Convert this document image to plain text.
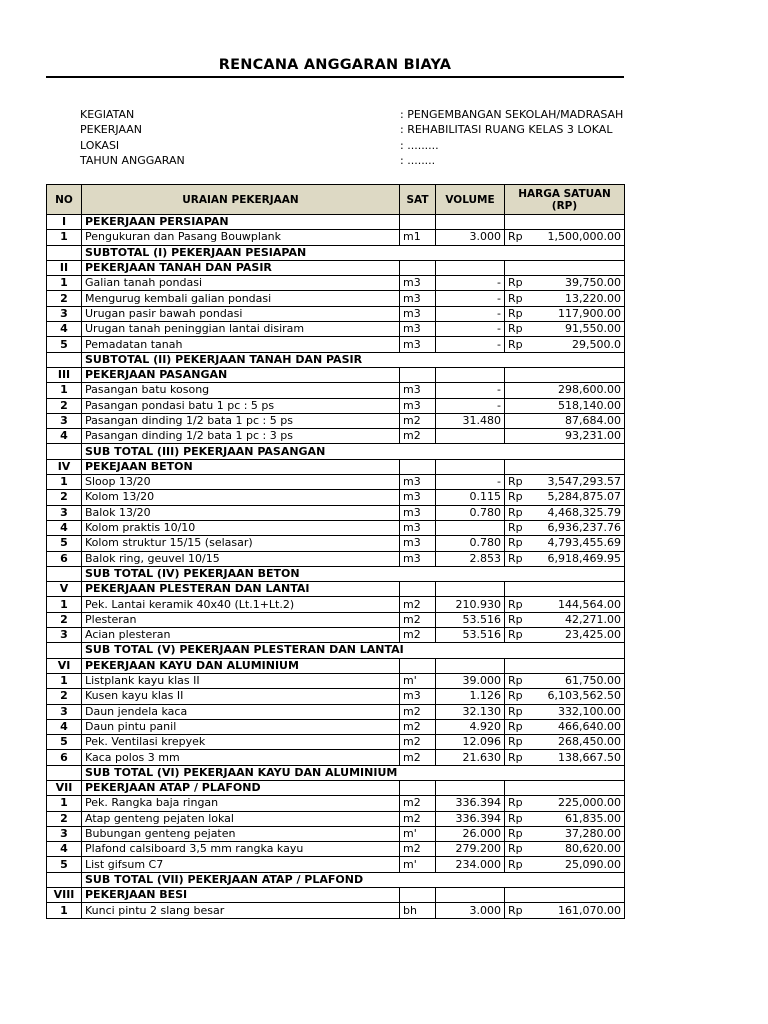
RENCANA ANGGARAN BIAYA
KEGIATAN	: PENGEMBANGAN SEKOLAH/MADRASAH
PEKERJAAN	: REHABILITASI RUANG KELAS 3 LOKAL
LOKASI	: .........
TAHUN ANGGARAN	: ........
NO	URAIAN PEKERJAAN	SAT	VOLUME	HARGA SATUAN
(RP)	

I	PEKERJAAN PERSIAPAN				
1	Pengukuran dan Pasang Bouwplank	m1	3.000	Rp	1,500,000.00
	SUBTOTAL (I) PEKERJAAN PESIAPAN				
II	PEKERJAAN TANAH DAN PASIR				
1	Galian tanah pondasi	m3	-	Rp	39,750.00
2	Mengurug kembali galian pondasi	m3	-	Rp	13,220.00
3	Urugan pasir bawah pondasi	m3	-	Rp	117,900.00
4	Urugan tanah peninggian lantai disiram	m3	-	Rp	91,550.00
5	Pemadatan tanah	m3	-	Rp	29,500.0
	SUBTOTAL (II) PEKERJAAN TANAH DAN PASIR				
III	PEKERJAAN PASANGAN				
1	Pasangan batu kosong	m3	-		298,600.00
2	Pasangan pondasi batu 1 pc : 5 ps	m3	-		518,140.00
3	Pasangan dinding 1/2 bata 1 pc : 5 ps	m2	31.480		87,684.00
4	Pasangan dinding 1/2 bata 1 pc : 3 ps	m2			93,231.00
	SUB TOTAL (III) PEKERJAAN PASANGAN				
IV	PEKEJAAN BETON				
1	Sloop 13/20	m3	-	Rp	3,547,293.57
2	Kolom 13/20	m3	0.115	Rp	5,284,875.07
3	Balok 13/20	m3	0.780	Rp	4,468,325.79
4	Kolom praktis 10/10	m3		Rp	6,936,237.76
5	Kolom struktur 15/15 (selasar)	m3	0.780	Rp	4,793,455.69
6	Balok ring, geuvel 10/15	m3	2.853	Rp	6,918,469.95
	SUB TOTAL (IV) PEKERJAAN BETON				
V	PEKERJAAN PLESTERAN DAN LANTAI				
1	Pek. Lantai keramik 40x40 (Lt.1+Lt.2)	m2	210.930	Rp	144,564.00
2	Plesteran	m2	53.516	Rp	42,271.00
3	Acian plesteran	m2	53.516	Rp	23,425.00
	SUB TOTAL (V) PEKERJAAN PLESTERAN DAN LANTAI				
VI	PEKERJAAN KAYU DAN ALUMINIUM				
1	Listplank kayu klas II	m'	39.000	Rp	61,750.00
2	Kusen kayu klas II	m3	1.126	Rp	6,103,562.50
3	Daun jendela kaca	m2	32.130	Rp	332,100.00
4	Daun pintu panil	m2	4.920	Rp	466,640.00
5	Pek. Ventilasi krepyek	m2	12.096	Rp	268,450.00
6	Kaca polos 3 mm	m2	21.630	Rp	138,667.50
	SUB TOTAL (VI) PEKERJAAN KAYU DAN ALUMINIUM				
VII	PEKERJAAN ATAP / PLAFOND				
1	Pek. Rangka baja ringan	m2	336.394	Rp	225,000.00
2	Atap genteng pejaten lokal	m2	336.394	Rp	61,835.00
3	Bubungan genteng pejaten	m'	26.000	Rp	37,280.00
4	Plafond calsiboard 3,5 mm rangka kayu	m2	279.200	Rp	80,620.00
5	List gifsum C7	m'	234.000	Rp	25,090.00
	SUB TOTAL (VII) PEKERJAAN ATAP / PLAFOND				
VIII	PEKERJAAN BESI				
1	Kunci pintu 2 slang besar	bh	3.000	Rp	161,070.00
